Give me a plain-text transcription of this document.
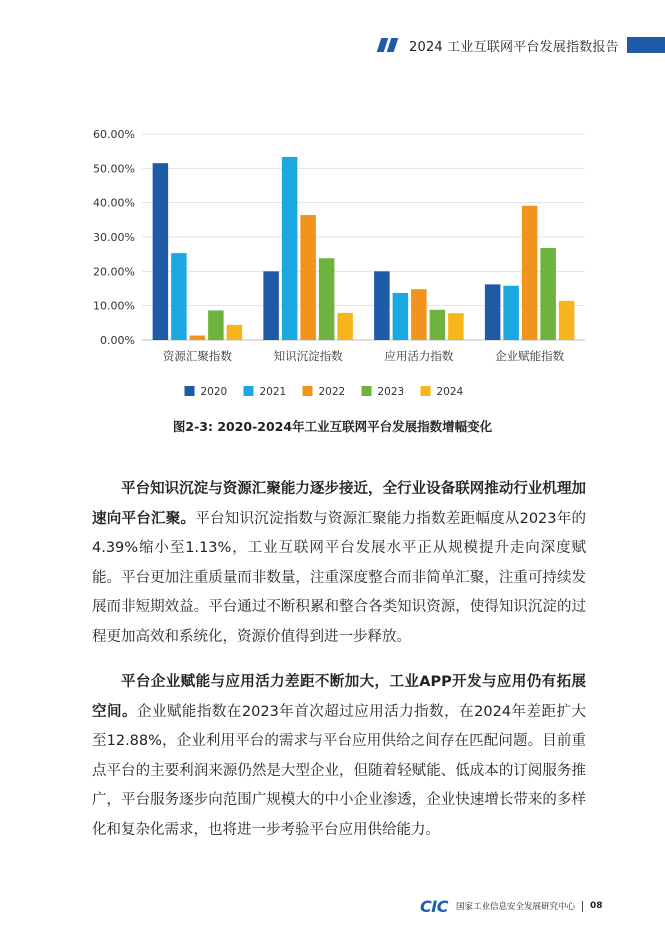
2024 工业互联网平台发展指数报告
0.00%
10.00%
20.00%
30.00%
40.00%
50.00%
60.00%
资源汇聚指数	知识沉淀指数	应用活力指数	企业赋能指数
2020	2021	2022	2023	2024
图2-3: 2020-2024年工业互联网平台发展指数增幅变化
平台知识沉淀与资源汇聚能力逐步接近，全行业设备联网推动行业机理加速向平台汇聚。平台知识沉淀指数与资源汇聚能力指数差距幅度从2023年的4.39%缩小至1.13%，工业互联网平台发展水平正从规模提升走向深度赋能。平台更加注重质量而非数量，注重深度整合而非简单汇聚，注重可持续发展而非短期效益。平台通过不断积累和整合各类知识资源，使得知识沉淀的过程更加高效和系统化，资源价值得到进一步释放。
平台企业赋能与应用活力差距不断加大，工业APP开发与应用仍有拓展空间。企业赋能指数在2023年首次超过应用活力指数，在2024年差距扩大至12.88%，企业利用平台的需求与平台应用供给之间存在匹配问题。目前重点平台的主要利润来源仍然是大型企业，但随着轻赋能、低成本的订阅服务推广，平台服务逐步向范围广规模大的中小企业渗透，企业快速增长带来的多样化和复杂化需求，也将进一步考验平台应用供给能力。
CIC 国家工业信息安全发展研究中心 08
